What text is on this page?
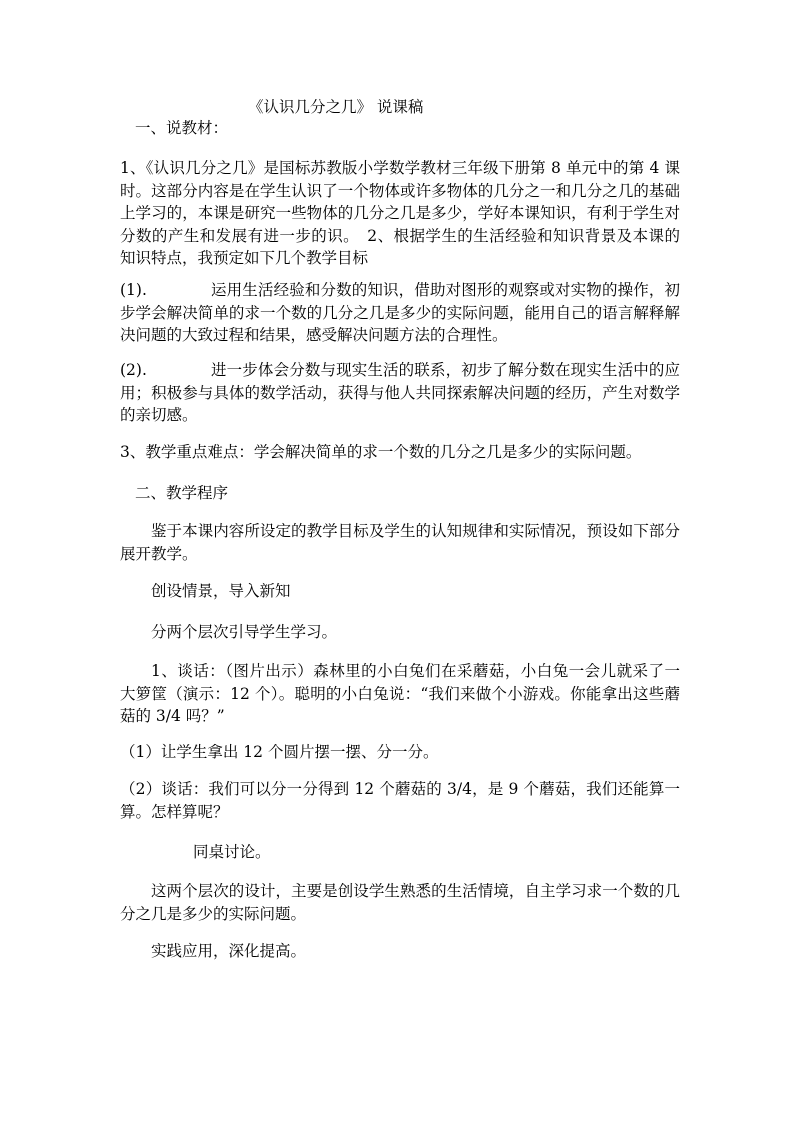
《认识几分之几》 说课稿
一、说教材：
1、《认识几分之几》是国标苏教版小学数学教材三年级下册第 8 单元中的第 4 课时。这部分内容是在学生认识了一个物体或许多物体的几分之一和几分之几的基础上学习的，本课是研究一些物体的几分之几是多少，学好本课知识，有利于学生对分数的产生和发展有进一步的识。　2、根据学生的生活经验和知识背景及本课的知识特点，我预定如下几个教学目标
(1).	运用生活经验和分数的知识，借助对图形的观察或对实物的操作，初步学会解决简单的求一个数的几分之几是多少的实际问题，能用自己的语言解释解决问题的大致过程和结果，感受解决问题方法的合理性。
(2).	进一步体会分数与现实生活的联系，初步了解分数在现实生活中的应用；积极参与具体的数学活动，获得与他人共同探索解决问题的经历，产生对数学的亲切感。
3、教学重点难点：学会解决简单的求一个数的几分之几是多少的实际问题。
二、教学程序
鉴于本课内容所设定的教学目标及学生的认知规律和实际情况，预设如下部分展开教学。
创设情景，导入新知
分两个层次引导学生学习。
1、谈话：（图片出示）森林里的小白兔们在采蘑菇，小白兔一会儿就采了一大箩筐（演示：12 个）。聪明的小白兔说：“我们来做个小游戏。你能拿出这些蘑菇的 3/4 吗？”
（1）让学生拿出 12 个圆片摆一摆、分一分。
（2）谈话：我们可以分一分得到 12 个蘑菇的 3/4，是 9 个蘑菇，我们还能算一算。怎样算呢？
同桌讨论。
这两个层次的设计，主要是创设学生熟悉的生活情境，自主学习求一个数的几分之几是多少的实际问题。
实践应用，深化提高。
